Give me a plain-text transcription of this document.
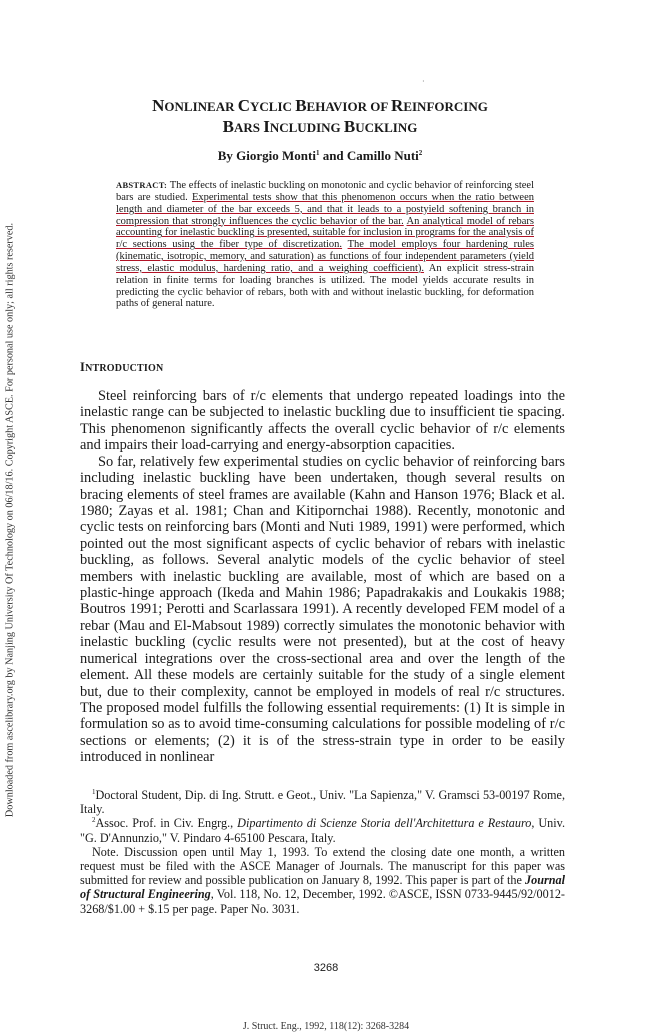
Downloaded from ascelibrary.org by Nanjing University Of Technology on 06/18/16. Copyright ASCE. For personal use only; all rights reserved.
·
NONLINEAR CYCLIC BEHAVIOR OF REINFORCING
BARS INCLUDING BUCKLING

By Giorgio Monti$^1$ and Camillo Nuti$^2$

ABSTRACT: The effects of inelastic buckling on monotonic and cyclic behavior of reinforcing steel bars are studied. Experimental tests show that this phenomenon occurs when the ratio between length and diameter of the bar exceeds 5, and that it leads to a postyield softening branch in compression that strongly influences the cyclic behavior of the bar. An analytical model of rebars accounting for inelastic buckling is presented, suitable for inclusion in programs for the analysis of r/c sections using the fiber type of discretization. The model employs four hardening rules (kinematic, isotropic, memory, and saturation) as functions of four independent parameters (yield stress, elastic modulus, hardening ratio, and a weighing coefficient). An explicit stress-strain relation in finite terms for loading branches is utilized. The model yields accurate results in predicting the cyclic behavior of rebars, both with and without inelastic buckling, for deformation paths of general nature.

INTRODUCTION

Steel reinforcing bars of r/c elements that undergo repeated loadings into the inelastic range can be subjected to inelastic buckling due to insufficient tie spacing. This phenomenon significantly affects the overall cyclic behavior of r/c elements and impairs their load-carrying and energy-absorption capacities.

So far, relatively few experimental studies on cyclic behavior of reinforcing bars including inelastic buckling have been undertaken, though several results on bracing elements of steel frames are available (Kahn and Hanson 1976; Black et al. 1980; Zayas et al. 1981; Chan and Kitipornchai 1988). Recently, monotonic and cyclic tests on reinforcing bars (Monti and Nuti 1989, 1991) were performed, which pointed out the most significant aspects of cyclic behavior of rebars with inelastic buckling, as follows. Several analytic models of the cyclic behavior of steel members with inelastic buckling are available, most of which are based on a plastic-hinge approach (Ikeda and Mahin 1986; Papadrakakis and Loukakis 1988; Boutros 1991; Perotti and Scarlassara 1991). A recently developed FEM model of a rebar (Mau and El-Mabsout 1989) correctly simulates the monotonic behavior with inelastic buckling (cyclic results were not presented), but at the cost of heavy numerical integrations over the cross-sectional area and over the length of the element. All these models are certainly suitable for the study of a single element but, due to their complexity, cannot be employed in models of real r/c structures. The proposed model fulfills the following essential requirements: (1) It is simple in formulation so as to avoid time-consuming calculations for possible modeling of r/c sections or elements; (2) it is of the stress-strain type in order to be easily introduced in nonlinear

$^1$Doctoral Student, Dip. di Ing. Strutt. e Geot., Univ. "La Sapienza," V. Gramsci 53-00197 Rome, Italy.

$^2$Assoc. Prof. in Civ. Engrg., Dipartimento di Scienze Storia dell'Architettura e Restauro, Univ. "G. D'Annunzio," V. Pindaro 4-65100 Pescara, Italy.

Note. Discussion open until May 1, 1993. To extend the closing date one month, a written request must be filed with the ASCE Manager of Journals. The manuscript for this paper was submitted for review and possible publication on January 8, 1992. This paper is part of the Journal of Structural Engineering, Vol. 118, No. 12, December, 1992. ©ASCE, ISSN 0733-9445/92/0012-3268/$1.00 + $.15 per page. Paper No. 3031.

3268
J. Struct. Eng., 1992, 118(12): 3268-3284
